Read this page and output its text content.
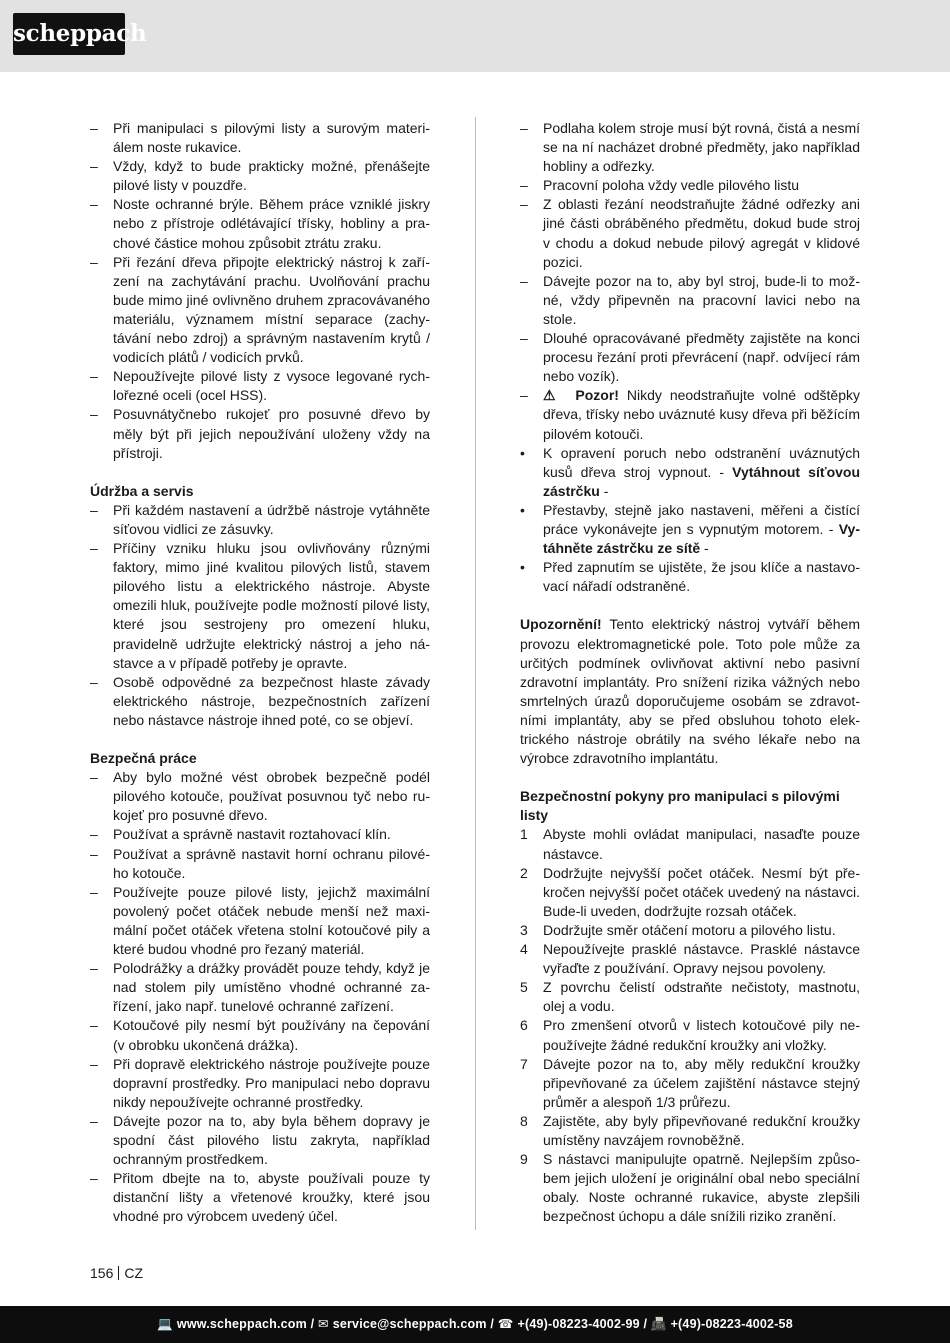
scheppach
–	Při manipulaci s pilovými listy a surovým materiálem noste rukavice.
–	Vždy, když to bude prakticky možné, přenášejte pilové listy v pouzdře.
–	Noste ochranné brýle. Během práce vzniklé jiskry nebo z přístroje odlétávající třísky, hobliny a prachové částice mohou způsobit ztrátu zraku.
–	Při řezání dřeva připojte elektrický nástroj k zařízení na zachytávání prachu. Uvolňování prachu bude mimo jiné ovlivněno druhem zpracovávaného materiálu, významem místní separace (zachytávání nebo zdroj) a správným nastavením krytů / vodicích plátů / vodicích prvků.
–	Nepoužívejte pilové listy z vysoce legované rychlořezné oceli (ocel HSS).
–	Posuvnátyčnebo rukojeť pro posuvné dřevo by měly být při jejich nepoužívání uloženy vždy na přístroji.
Údržba a servis
–	Při každém nastavení a údržbě nástroje vytáhněte síťovou vidlici ze zásuvky.
–	Příčiny vzniku hluku jsou ovlivňovány různými faktory, mimo jiné kvalitou pilových listů, stavem pilového listu a elektrického nástroje. Abyste omezili hluk, používejte podle možností pilové listy, které jsou sestrojeny pro omezení hluku, pravidelně udržujte elektrický nástroj a jeho nástavce a v případě potřeby je opravte.
–	Osobě odpovědné za bezpečnost hlaste závady elektrického nástroje, bezpečnostních zařízení nebo nástavce nástroje ihned poté, co se objeví.
Bezpečná práce
–	Aby bylo možné vést obrobek bezpečně podél pilového kotouče, používat posuvnou tyč nebo rukojeť pro posuvné dřevo.
–	Používat a správně nastavit roztahovací klín.
–	Používat a správně nastavit horní ochranu pilového kotouče.
–	Používejte pouze pilové listy, jejichž maximální povolený počet otáček nebude menší než maximální počet otáček vřetena stolní kotoučové pily a které budou vhodné pro řezaný materiál.
–	Polodrážky a drážky provádět pouze tehdy, když je nad stolem pily umístěno vhodné ochranné zařízení, jako např. tunelové ochranné zařízení.
–	Kotoučové pily nesmí být používány na čepování (v obrobku ukončená drážka).
–	Při dopravě elektrického nástroje používejte pouze dopravní prostředky. Pro manipulaci nebo dopravu nikdy nepoužívejte ochranné prostředky.
–	Dávejte pozor na to, aby byla během dopravy je spodní část pilového listu zakryta, například ochranným prostředkem.
–	Přitom dbejte na to, abyste používali pouze ty distanční lišty a vřetenové kroužky, které jsou vhodné pro výrobcem uvedený účel.
–	Podlaha kolem stroje musí být rovná, čistá a nesmí se na ní nacházet drobné předměty, jako například hobliny a odřezky.
–	Pracovní poloha vždy vedle pilového listu
–	Z oblasti řezání neodstraňujte žádné odřezky ani jiné části obráběného předmětu, dokud bude stroj v chodu a dokud nebude pilový agregát v klidové pozici.
–	Dávejte pozor na to, aby byl stroj, bude-li to možné, vždy připevněn na pracovní lavici nebo na stole.
–	Dlouhé opracovávané předměty zajistěte na konci procesu řezání proti převrácení (např. odvíjecí rám nebo vozík).
–	⚠ Pozor! Nikdy neodstraňujte volné odštěpky dřeva, třísky nebo uváznuté kusy dřeva při běžícím pilovém kotouči.
•	K opravení poruch nebo odstranění uváznutých kusů dřeva stroj vypnout. - Vytáhnout síťovou zástrčku -
•	Přestavby, stejně jako nastaveni, měřeni a čistící práce vykonávejte jen s vypnutým motorem. - Vytáhněte zástrčku ze sítě -
•	Před zapnutím se ujistěte, že jsou klíče a nastavovací nářadí odstraněné.
Upozornění! Tento elektrický nástroj vytváří během provozu elektromagnetické pole. Toto pole může za určitých podmínek ovlivňovat aktivní nebo pasivní zdravotní implantáty. Pro snížení rizika vážných nebo smrtelných úrazů doporučujeme osobám se zdravotními implantáty, aby se před obsluhou tohoto elektrického nástroje obrátily na svého lékaře nebo na výrobce zdravotního implantátu.
Bezpečnostní pokyny pro manipulaci s pilovými listy
1	Abyste mohli ovládat manipulaci, nasaďte pouze nástavce.
2	Dodržujte nejvyšší počet otáček. Nesmí být překročen nejvyšší počet otáček uvedený na nástavci. Bude-li uveden, dodržujte rozsah otáček.
3	Dodržujte směr otáčení motoru a pilového listu.
4	Nepoužívejte prasklé nástavce. Prasklé nástavce vyřaďte z používání. Opravy nejsou povoleny.
5	Z povrchu čelistí odstraňte nečistoty, mastnotu, olej a vodu.
6	Pro zmenšení otvorů v listech kotoučové pily nepoužívejte žádné redukční kroužky ani vložky.
7	Dávejte pozor na to, aby měly redukční kroužky připevňované za účelem zajištění nástavce stejný průměr a alespoň 1/3 průřezu.
8	Zajistěte, aby byly připevňované redukční kroužky umístěny navzájem rovnoběžně.
9	S nástavci manipulujte opatrně. Nejlepším způsobem jejich uložení je originální obal nebo speciální obaly. Noste ochranné rukavice, abyste zlepšili bezpečnost úchopu a dále snížili riziko zranění.
156 CZ
💻 www.scheppach.com / ✉ service@scheppach.com / ☎ +(49)-08223-4002-99 / 📠 +(49)-08223-4002-58
